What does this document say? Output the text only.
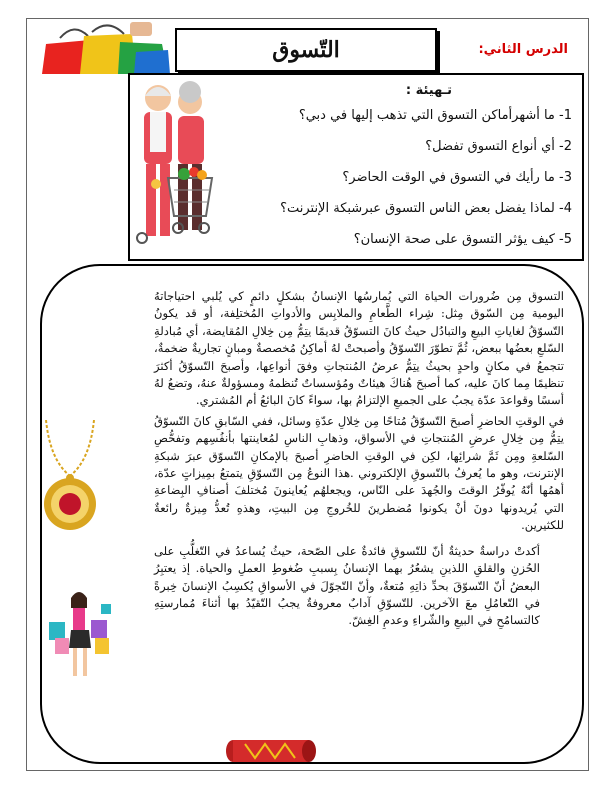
الدرس الثاني:
التّسوق
تـهيئة :
1- ما أشهرأماكن التسوق التي تذهب إليها في دبي؟
2- أي أنواع التسوق تفضل؟
3- ما رأيك في التسوق في الوقت الحاضر؟
4- لماذا يفضل بعض الناس التسوق عبرشبكة الإنترنت؟
5- كيف يؤثر التسوق على صحة الإنسان؟

التسوق مِن ضُرورات الحياة التي يُمارسُها الإنسانُ بشكلٍ دائمٍ كي يُلبي احتياجاتهُ اليومية مِن السّوق مِثل: شِراء الطَّعامِ والملابِس والأدواتِ المُختلِفة، أو قد يكونُ التّسوّقُ لغاياتِ البيعِ والتبادُل حيثُ كانَ التسوّقُ قديمًا يتِمُّ مِن خِلالِ المُقايضة، أي مُبادلةِ السّلعِ بعضُها ببعض، ثُمَّ تطوّرَ التّسوّقُ وأصبحتْ لهُ أماكِنُ مُخصصةٌ ومبانٍ تجاريةٌ ضخمةٌ، تتجمعُ في مكانٍ واحدٍ بحيثُ يتِمُّ عرضُ المُنتجاتِ وفقَ أنواعِها، وأصبحَ التّسوّقُ أكثرَ تنظيمًا مِما كانَ عليه، كما أصبحَ هُناكَ هيئاتٌ ومُؤسساتٌ تُنظمهُ ومسؤولةٌ عنهُ، وتضعُ لهُ أسسًا وقواعدَ عدّة يجبُ على الجميعِ الإلتزامُ بها، سواءً كانَ البائعُ أم المُشتري.

في الوقتِ الحاضرِ أصبحَ التّسوّقُ مُتاحًا مِن خِلالِ عدّةِ وسائل، ففي السّابقِ كانَ التّسوّقُ يتِمُّ مِن خِلالِ عرضِ المُنتجاتِ في الأسواق، وذهابِ الناسِ لمُعاينتها بأنفُسِهم وتفحُّصِ السّلعةِ ومِن ثَمَّ شرائِها، لكِن في الوقتِ الحاضرِ أصبحَ بالإمكانِ التّسوّق عبرَ شبكةِ الإنترنت، وهو ما يُعرفُ بالتّسوقِ الإلكتروني .هذا النوعُ مِن التّسوّقِ يتمتعُ بمِيزاتٍ عدّة، أهمُها أنّهُ يُوفّرُ الوقتَ والجُهدَ على النّاس، ويجعلهُم يُعاينونَ مُختلفَ أصنافِ البِضاعةِ التي يُريدونها دونَ أنْ يكونوا مُضطرينَ للخُروجِ مِن البيتِ، وهذهِ تُعدُّ مِيزةٌ رائعةٌ للكثيرين.

أكدتْ دراسةٌ حديثةٌ أنّ للتّسوقِ فائدةٌ على الصّحة، حيثُ يُساعدُ في التّغلُّبِ على الحُزنِ والقلقِ اللذينِ يشعُرُ بهما الإنسانُ بِسببِ ضُغوطِ العملِ والحياة. إذ يعتبِرُ البعضُ أنّ التّسوّقَ بحدِّ ذاتِهِ مُتعةٌ، وأنّ التّجوّلَ في الأسواقِ يُكسِبُ الإنسانَ خِبرةً في التّعامُلِ معَ الآخرين. للتّسوّقِ آدابٌ معروفةٌ يجبُ التّقيّدُ بها أثناءَ مُمارستِهِ كالتسامُحِ في البيعِ والشّراءِ وعدمِ الغِشّ.
